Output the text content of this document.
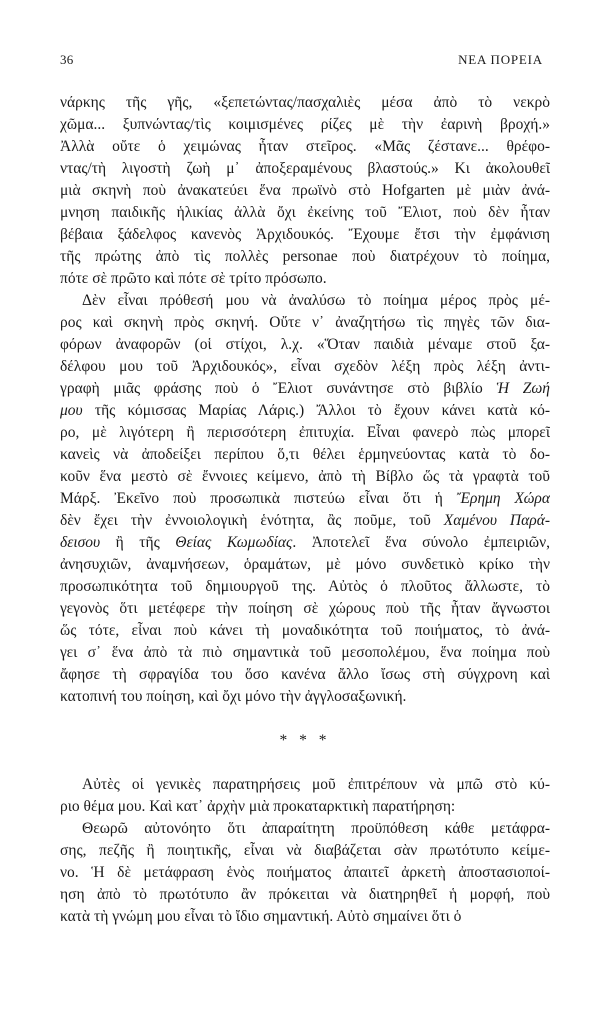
36	ΝΕΑ ΠΟΡΕΙΑ
νάρκης τῆς γῆς, «ξεπετώντας/πασχαλιὲς μέσα ἀπὸ τὸ νεκρὸ
χῶμα... ξυπνώντας/τὶς κοιμισμένες ρίζες μὲ τὴν ἐαρινὴ βροχή.»
Ἀλλὰ οὔτε ὁ χειμώνας ἦταν στεῖρος. «Μᾶς ζέστανε... θρέφο-
ντας/τὴ λιγοστὴ ζωὴ μ᾽ ἀποξεραμένους βλαστούς.» Κι ἀκολουθεῖ
μιὰ σκηνὴ ποὺ ἀνακατεύει ἕνα πρωϊνὸ στὸ Hofgarten μὲ μιὰν ἀνά-
μνηση παιδικῆς ἡλικίας ἀλλὰ ὄχι ἐκείνης τοῦ Ἔλιοτ, ποὺ δὲν ἦταν
βέβαια ξάδελφος κανενὸς Ἀρχιδουκός. Ἔχουμε ἔτσι τὴν ἐμφάνιση
τῆς πρώτης ἀπὸ τὶς πολλὲς personae ποὺ διατρέχουν τὸ ποίημα,
πότε σὲ πρῶτο καὶ πότε σὲ τρίτο πρόσωπο.
Δὲν εἶναι πρόθεσή μου νὰ ἀναλύσω τὸ ποίημα μέρος πρὸς μέ-
ρος καὶ σκηνὴ πρὸς σκηνή. Οὔτε ν᾽ ἀναζητήσω τὶς πηγὲς τῶν δια-
φόρων ἀναφορῶν (οἱ στίχοι, λ.χ. «Ὅταν παιδιὰ μέναμε στοῦ ξα-
δέλφου μου τοῦ Ἀρχιδουκός», εἶναι σχεδὸν λέξη πρὸς λέξη ἀντι-
γραφὴ μιᾶς φράσης ποὺ ὁ Ἔλιοτ συνάντησε στὸ βιβλίο Ἡ Ζωή
μου τῆς κόμισσας Μαρίας Λάρις.) Ἄλλοι τὸ ἔχουν κάνει κατὰ κό-
ρο, μὲ λιγότερη ἢ περισσότερη ἐπιτυχία. Εἶναι φανερὸ πὼς μπορεῖ
κανεὶς νὰ ἀποδείξει περίπου ὅ,τι θέλει ἑρμηνεύοντας κατὰ τὸ δο-
κοῦν ἕνα μεστὸ σὲ ἔννοιες κείμενο, ἀπὸ τὴ Βίβλο ὥς τὰ γραφτὰ τοῦ
Μάρξ. Ἐκεῖνο ποὺ προσωπικὰ πιστεύω εἶναι ὅτι ἡ Ἔρημη Χώρα
δὲν ἔχει τὴν ἐννοιολογικὴ ἑνότητα, ἂς ποῦμε, τοῦ Χαμένου Παρά-
δεισου ἢ τῆς Θείας Κωμωδίας. Ἀποτελεῖ ἕνα σύνολο ἐμπειριῶν,
ἀνησυχιῶν, ἀναμνήσεων, ὁραμάτων, μὲ μόνο συνδετικὸ κρίκο τὴν
προσωπικότητα τοῦ δημιουργοῦ της. Αὐτὸς ὁ πλοῦτος ἄλλωστε, τὸ
γεγονὸς ὅτι μετέφερε τὴν ποίηση σὲ χώρους ποὺ τῆς ἦταν ἄγνωστοι
ὥς τότε, εἶναι ποὺ κάνει τὴ μοναδικότητα τοῦ ποιήματος, τὸ ἀνά-
γει σ᾽ ἕνα ἀπὸ τὰ πιὸ σημαντικὰ τοῦ μεσοπολέμου, ἕνα ποίημα ποὺ
ἄφησε τὴ σφραγίδα του ὅσο κανένα ἄλλο ἴσως στὴ σύγχρονη καὶ
κατοπινή του ποίηση, καὶ ὄχι μόνο τὴν ἀγγλοσαξωνική.
* * *
Αὐτὲς οἱ γενικὲς παρατηρήσεις μοῦ ἐπιτρέπουν νὰ μπῶ στὸ κύ-
ριο θέμα μου. Καὶ κατ᾽ ἀρχὴν μιὰ προκαταρκτικὴ παρατήρηση:
Θεωρῶ αὐτονόητο ὅτι ἀπαραίτητη προϋπόθεση κάθε μετάφρα-
σης, πεζῆς ἢ ποιητικῆς, εἶναι νὰ διαβάζεται σὰν πρωτότυπο κείμε-
νο. Ἡ δὲ μετάφραση ἑνὸς ποιήματος ἀπαιτεῖ ἀρκετὴ ἀποστασιοποί-
ηση ἀπὸ τὸ πρωτότυπο ἂν πρόκειται νὰ διατηρηθεῖ ἡ μορφή, ποὺ
κατὰ τὴ γνώμη μου εἶναι τὸ ἴδιο σημαντική. Αὐτὸ σημαίνει ὅτι ὁ
